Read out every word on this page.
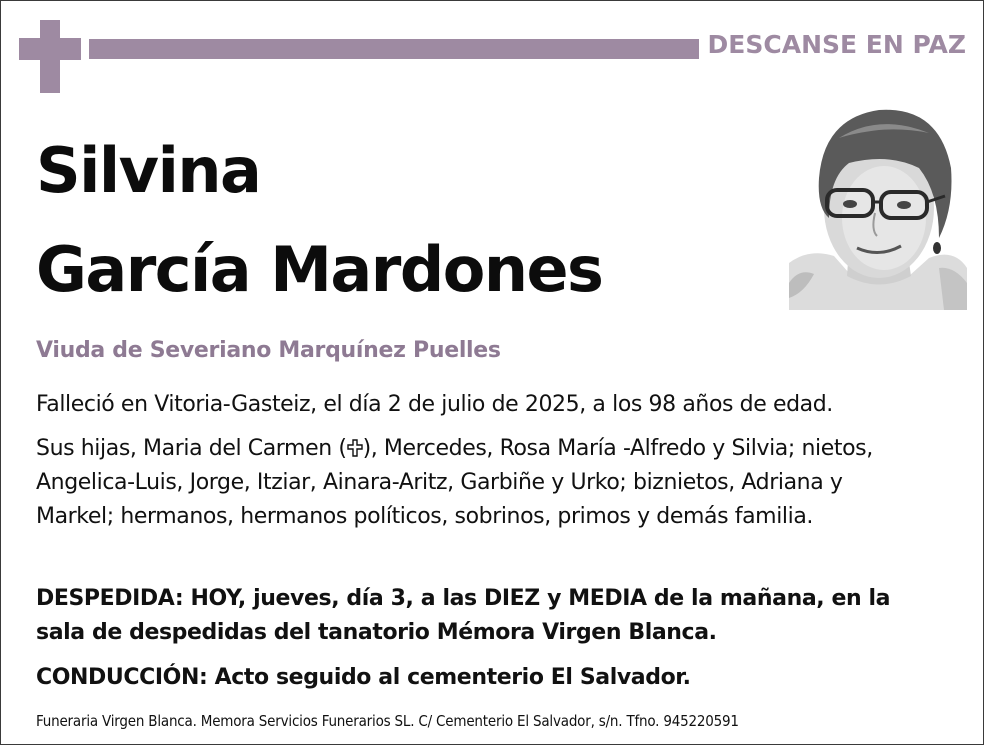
DESCANSE EN PAZ
Silvina
García Mardones
Viuda de Severiano Marquínez Puelles
Falleció en Vitoria-Gasteiz, el día 2 de julio de 2025, a los 98 años de edad.
Sus hijas, Maria del Carmen ( ), Mercedes, Rosa María -Alfredo y Silvia; nietos, Angelica-Luis, Jorge, Itziar, Ainara-Aritz, Garbiñe y Urko; biznietos, Adriana y Markel; hermanos, hermanos políticos, sobrinos, primos y demás familia.
DESPEDIDA: HOY, jueves, día 3, a las DIEZ y MEDIA de la mañana, en la sala de despedidas del tanatorio Mémora Virgen Blanca.
CONDUCCIÓN: Acto seguido al cementerio El Salvador.
Funeraria Virgen Blanca. Memora Servicios Funerarios SL. C/ Cementerio El Salvador, s/n. Tfno. 945220591
